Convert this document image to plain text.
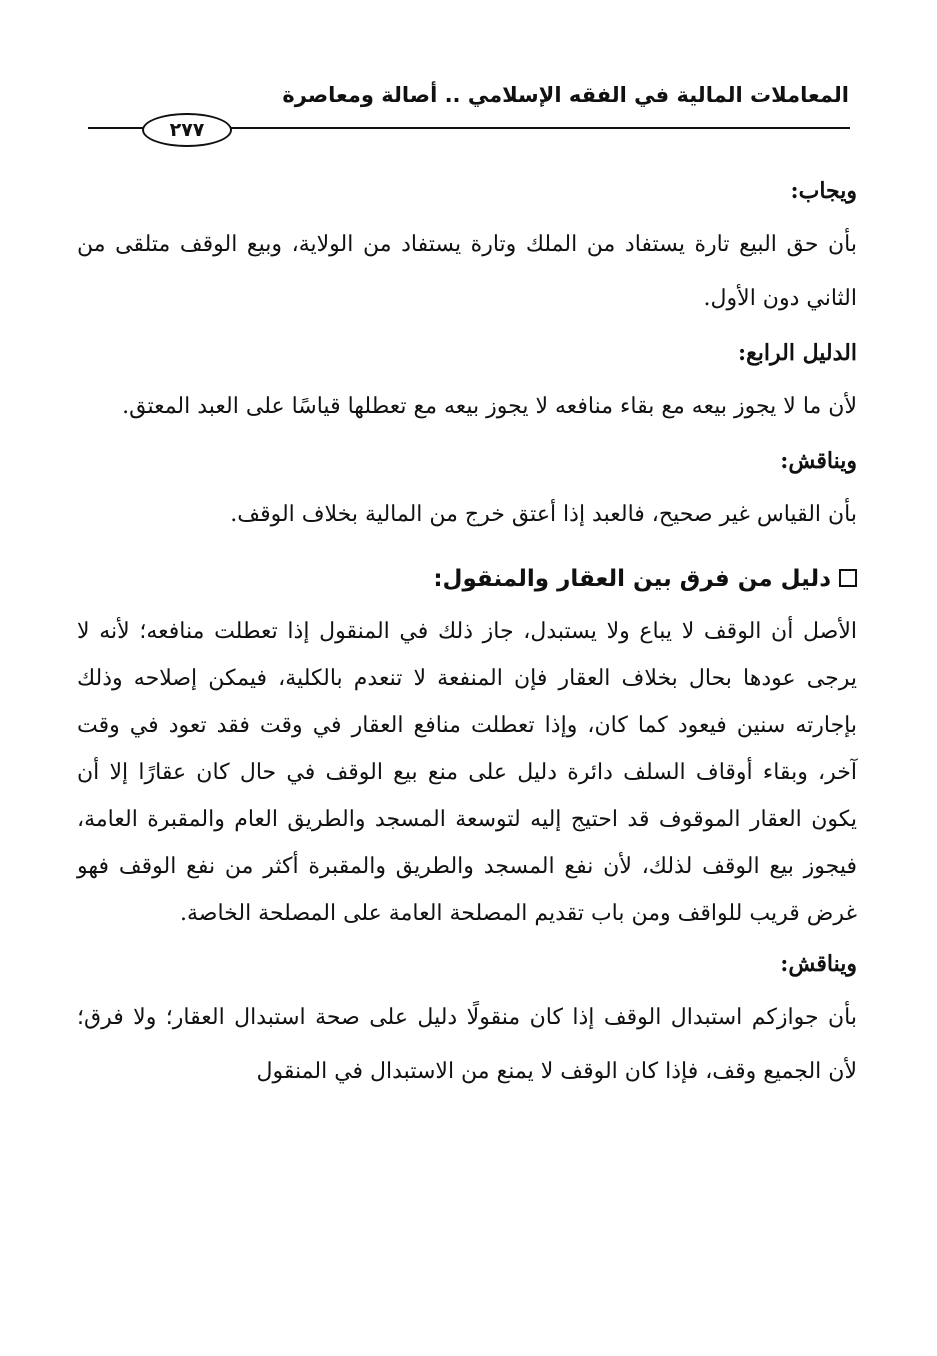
المعاملات المالية في الفقه الإسلامي .. أصالة ومعاصرة
٢٧٧

ويجاب:

بأن حق البيع تارة يستفاد من الملك وتارة يستفاد من الولاية، وبيع الوقف متلقى من الثاني دون الأول.

الدليل الرابع:

لأن ما لا يجوز بيعه مع بقاء منافعه لا يجوز بيعه مع تعطلها قياسًا على العبد المعتق.

ويناقش:

بأن القياس غير صحيح، فالعبد إذا أعتق خرج من المالية بخلاف الوقف.

دليل من فرق بين العقار والمنقول:

الأصل أن الوقف لا يباع ولا يستبدل، جاز ذلك في المنقول إذا تعطلت منافعه؛ لأنه لا يرجى عودها بحال بخلاف العقار فإن المنفعة لا تنعدم بالكلية، فيمكن إصلاحه وذلك بإجارته سنين فيعود كما كان، وإذا تعطلت منافع العقار في وقت فقد تعود في وقت آخر، وبقاء أوقاف السلف دائرة دليل على منع بيع الوقف في حال كان عقارًا إلا أن يكون العقار الموقوف قد احتيج إليه لتوسعة المسجد والطريق العام والمقبرة العامة، فيجوز بيع الوقف لذلك، لأن نفع المسجد والطريق والمقبرة أكثر من نفع الوقف فهو غرض قريب للواقف ومن باب تقديم المصلحة العامة على المصلحة الخاصة.

ويناقش:

بأن جوازكم استبدال الوقف إذا كان منقولًا دليل على صحة استبدال العقار؛ ولا فرق؛ لأن الجميع وقف، فإذا كان الوقف لا يمنع من الاستبدال في المنقول
